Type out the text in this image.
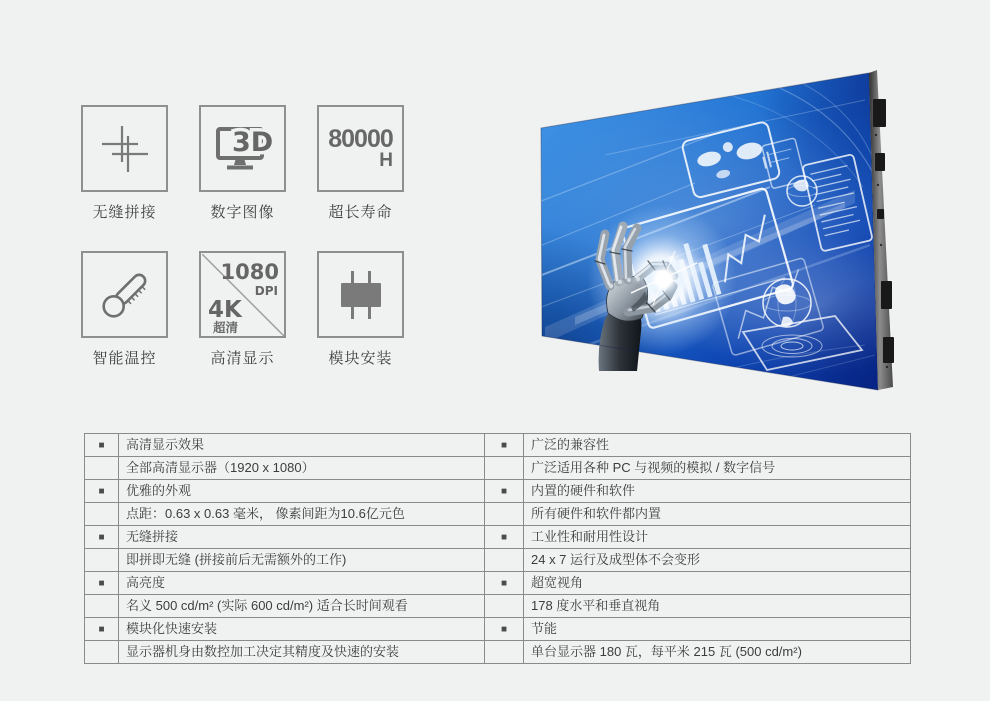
无缝拼接
3D
数字图像
80000
H
超长寿命
智能温控
1080
DPI
4K
超清
高清显示	模块安装
■	高清显示效果	■	广泛的兼容性
全部高清显示器（1920 x 1080）	广泛适用各种 PC 与视频的模拟 / 数字信号
■	优雅的外观	■	内置的硬件和软件
点距：0.63 x 0.63 毫米， 像素间距为10.6亿元色	所有硬件和软件都内置
■	无缝拼接	■	工业性和耐用性设计
即拼即无缝 (拼接前后无需额外的工作)	24 x 7 运行及成型体不会变形
■	高亮度	■	超宽视角
名义 500 cd/m² (实际 600 cd/m²) 适合长时间观看	178 度水平和垂直视角
■	模块化快速安装	■	节能
显示器机身由数控加工决定其精度及快速的安装	单台显示器 180 瓦，每平米 215 瓦 (500 cd/m²)
